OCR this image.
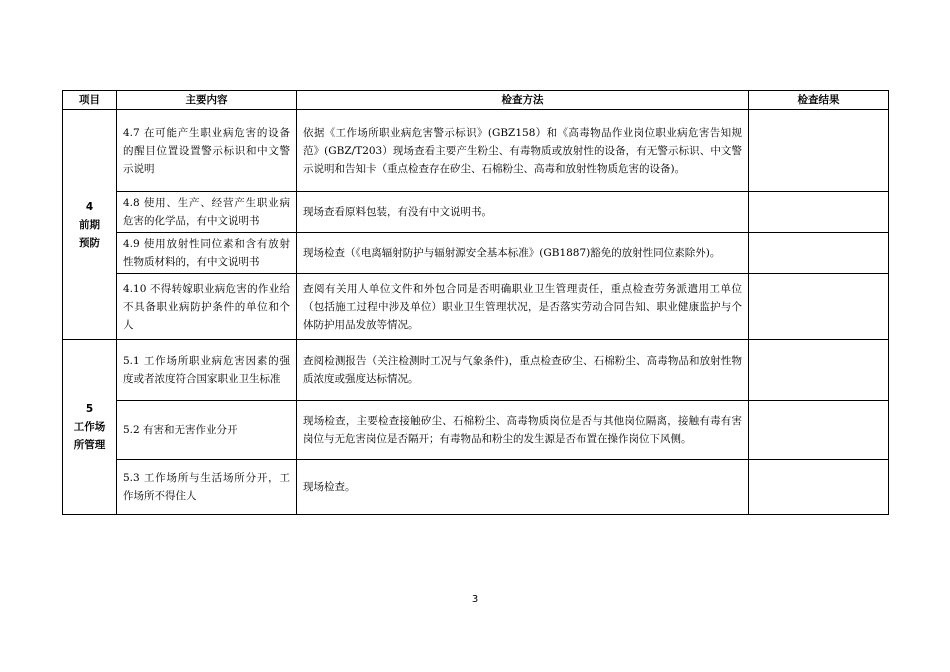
项目	主要内容	检查方法	检查结果

4
前期
预防	4.7 在可能产生职业病危害的设备的醒目位置设置警示标识和中文警示说明	依据《工作场所职业病危害警示标识》(GBZ158）和《高毒物品作业岗位职业病危害告知规范》(GBZ/T203）现场查看主要产生粉尘、有毒物质或放射性的设备，有无警示标识、中文警示说明和告知卡（重点检查存在矽尘、石棉粉尘、高毒和放射性物质危害的设备)。	
	4.8 使用、生产、经营产生职业病危害的化学品，有中文说明书	现场查看原料包装，有没有中文说明书。	
	4.9 使用放射性同位素和含有放射性物质材料的，有中文说明书	现场检查（《电离辐射防护与辐射源安全基本标准》(GB1887)豁免的放射性同位素除外)。	
	4.10 不得转嫁职业病危害的作业给不具备职业病防护条件的单位和个人	查阅有关用人单位文件和外包合同是否明确职业卫生管理责任，重点检查劳务派遣用工单位（包括施工过程中涉及单位）职业卫生管理状况，是否落实劳动合同告知、职业健康监护与个体防护用品发放等情况。	

5
工作场
所管理	5.1 工作场所职业病危害因素的强度或者浓度符合国家职业卫生标准	查阅检测报告（关注检测时工况与气象条件)，重点检查矽尘、石棉粉尘、高毒物品和放射性物质浓度或强度达标情况。	
	5.2 有害和无害作业分开	现场检查，主要检查接触矽尘、石棉粉尘、高毒物质岗位是否与其他岗位隔离，接触有毒有害岗位与无危害岗位是否隔开；有毒物品和粉尘的发生源是否布置在操作岗位下风侧。	
	5.3 工作场所与生活场所分开，工作场所不得住人	现场检查。	
3
